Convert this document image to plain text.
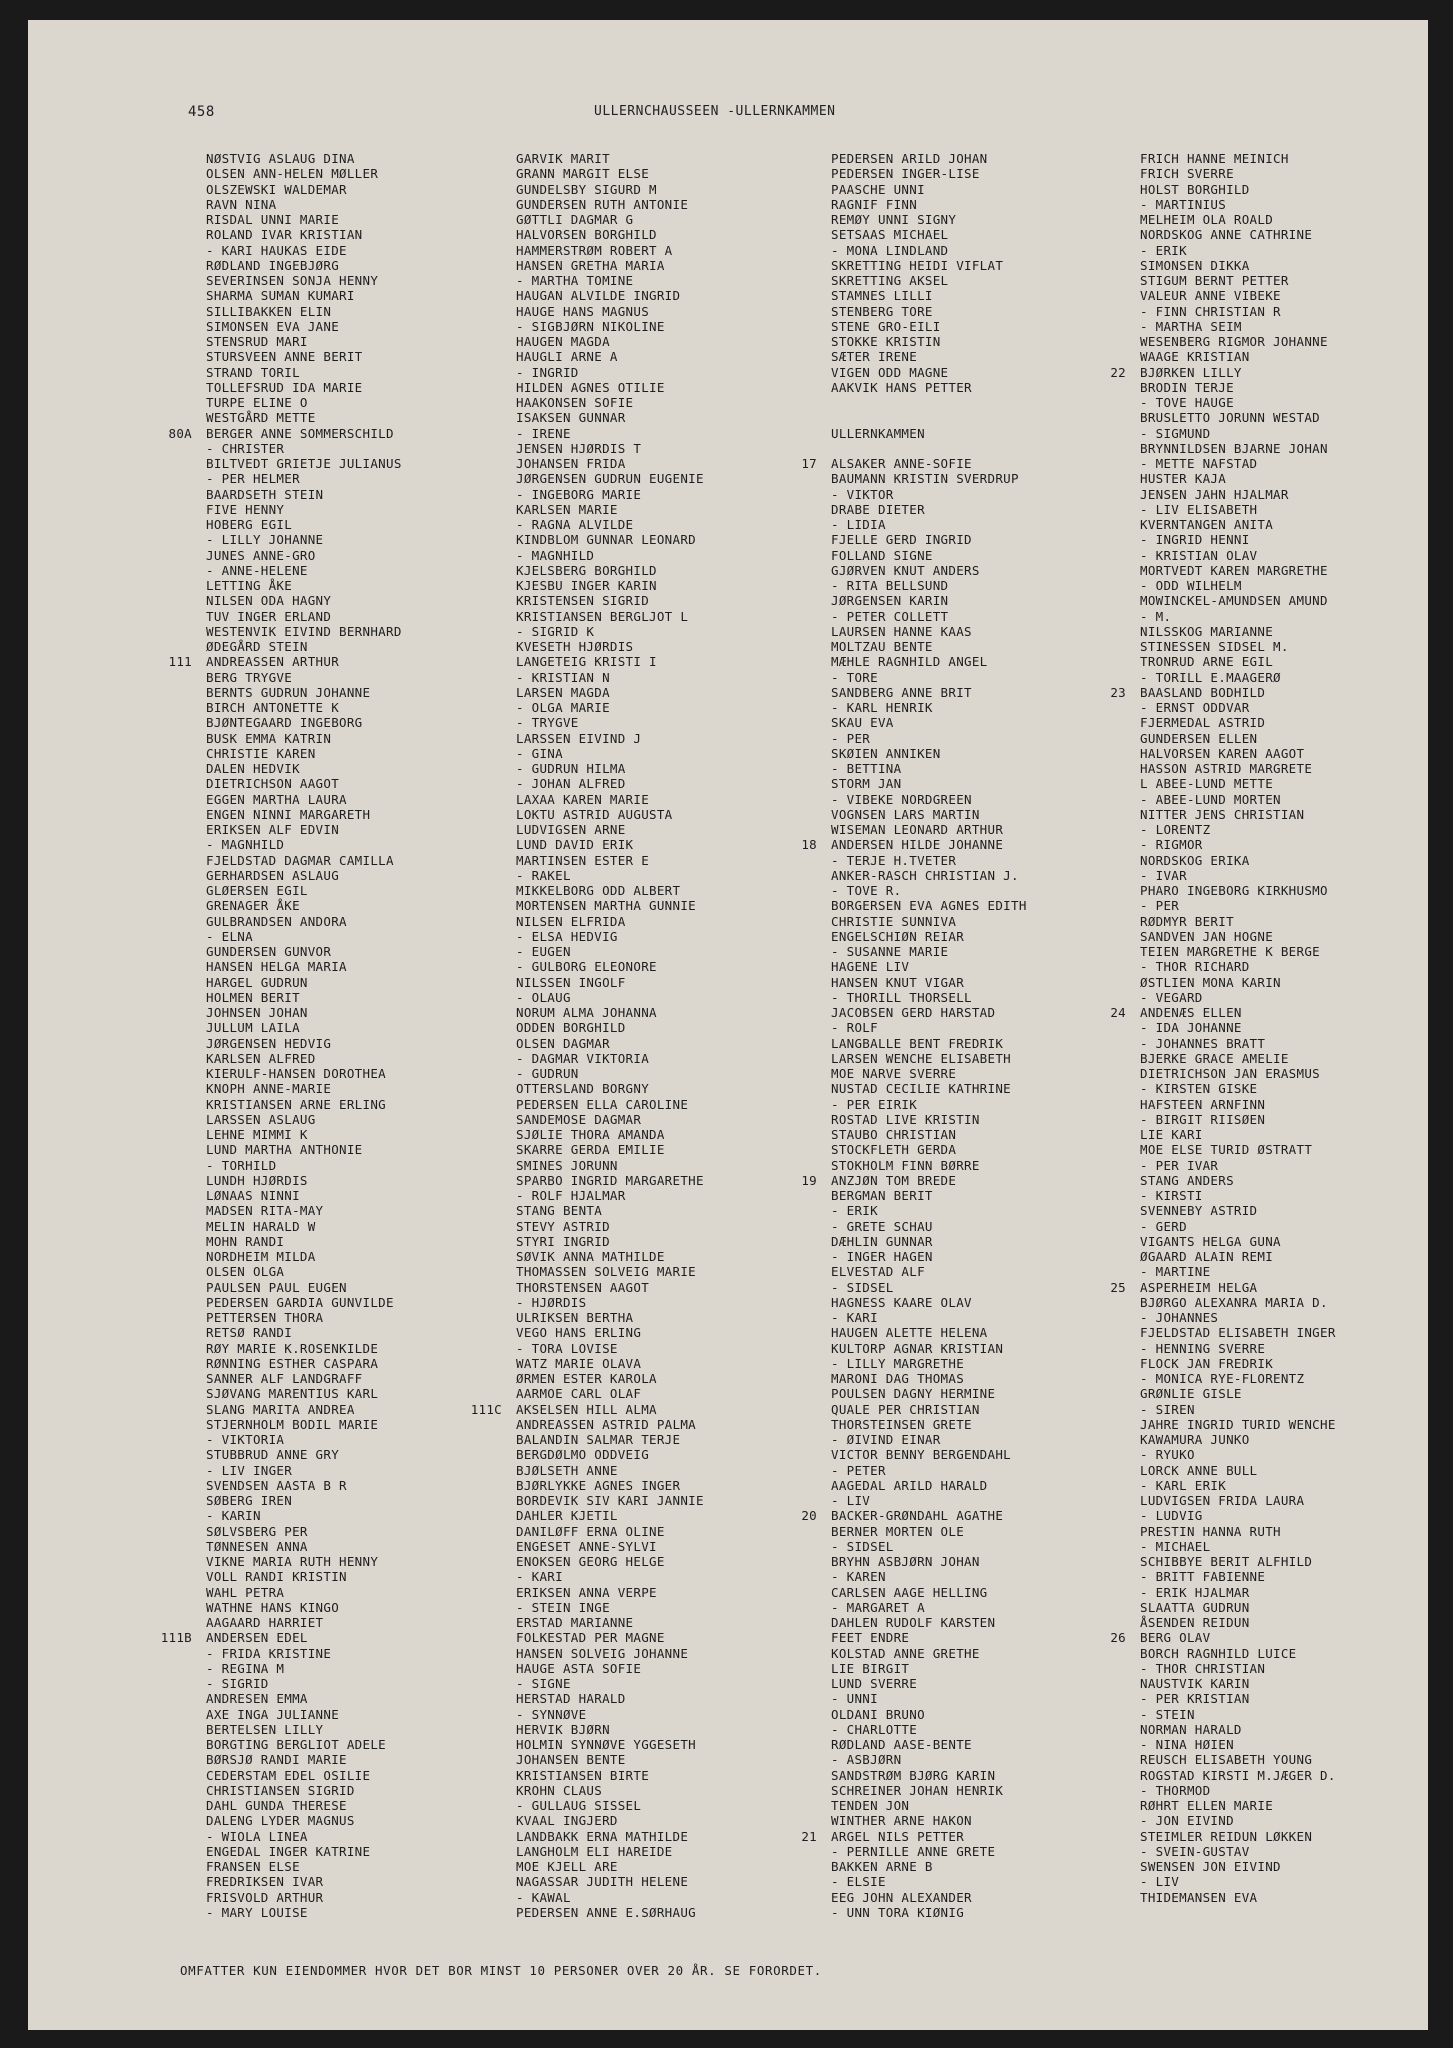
458	ULLERNCHAUSSEEN -ULLERNKAMMEN
NØSTVIG ASLAUG DINA
OLSEN ANN-HELEN MØLLER
OLSZEWSKI WALDEMAR
RAVN NINA
RISDAL UNNI MARIE
ROLAND IVAR KRISTIAN
- KARI HAUKAS EIDE
RØDLAND INGEBJØRG
SEVERINSEN SONJA HENNY
SHARMA SUMAN KUMARI
SILLIBAKKEN ELIN
SIMONSEN EVA JANE
STENSRUD MARI
STURSVEEN ANNE BERIT
STRAND TORIL
TOLLEFSRUD IDA MARIE
TURPE ELINE O
WESTGÅRD METTE
80A BERGER ANNE SOMMERSCHILD
- CHRISTER
BILTVEDT GRIETJE JULIANUS
- PER HELMER
BAARDSETH STEIN
FIVE HENNY
HOBERG EGIL
- LILLY JOHANNE
JUNES ANNE-GRO
- ANNE-HELENE
LETTING ÅKE
NILSEN ODA HAGNY
TUV INGER ERLAND
WESTENVIK EIVIND BERNHARD
ØDEGÅRD STEIN
111 ANDREASSEN ARTHUR
BERG TRYGVE
BERNTS GUDRUN JOHANNE
BIRCH ANTONETTE K
BJØNTEGAARD INGEBORG
BUSK EMMA KATRIN
CHRISTIE KAREN
DALEN HEDVIK
DIETRICHSON AAGOT
EGGEN MARTHA LAURA
ENGEN NINNI MARGARETH
ERIKSEN ALF EDVIN
- MAGNHILD
FJELDSTAD DAGMAR CAMILLA
GERHARDSEN ASLAUG
GLØERSEN EGIL
GRENAGER ÅKE
GULBRANDSEN ANDORA
- ELNA
GUNDERSEN GUNVOR
HANSEN HELGA MARIA
HARGEL GUDRUN
HOLMEN BERIT
JOHNSEN JOHAN
JULLUM LAILA
JØRGENSEN HEDVIG
KARLSEN ALFRED
KIERULF-HANSEN DOROTHEA
KNOPH ANNE-MARIE
KRISTIANSEN ARNE ERLING
LARSSEN ASLAUG
LEHNE MIMMI K
LUND MARTHA ANTHONIE
- TORHILD
LUNDH HJØRDIS
LØNAAS NINNI
MADSEN RITA-MAY
MELIN HARALD W
MOHN RANDI
NORDHEIM MILDA
OLSEN OLGA
PAULSEN PAUL EUGEN
PEDERSEN GARDIA GUNVILDE
PETTERSEN THORA
RETSØ RANDI
RØY MARIE K.ROSENKILDE
RØNNING ESTHER CASPARA
SANNER ALF LANDGRAFF
SJØVANG MARENTIUS KARL
SLANG MARITA ANDREA
STJERNHOLM BODIL MARIE
- VIKTORIA
STUBBRUD ANNE GRY
- LIV INGER
SVENDSEN AASTA B R
SØBERG IREN
- KARIN
SØLVSBERG PER
TØNNESEN ANNA
VIKNE MARIA RUTH HENNY
VOLL RANDI KRISTIN
WAHL PETRA
WATHNE HANS KINGO
AAGAARD HARRIET
111B ANDERSEN EDEL
- FRIDA KRISTINE
- REGINA M
- SIGRID
ANDRESEN EMMA
AXE INGA JULIANNE
BERTELSEN LILLY
BORGTING BERGLIOT ADELE
BØRSJØ RANDI MARIE
CEDERSTAM EDEL OSILIE
CHRISTIANSEN SIGRID
DAHL GUNDA THERESE
DALENG LYDER MAGNUS
- WIOLA LINEA
ENGEDAL INGER KATRINE
FRANSEN ELSE
FREDRIKSEN IVAR
FRISVOLD ARTHUR
- MARY LOUISE
GARVIK MARIT
GRANN MARGIT ELSE
GUNDELSBY SIGURD M
GUNDERSEN RUTH ANTONIE
GØTTLI DAGMAR G
HALVORSEN BORGHILD
HAMMERSTRØM ROBERT A
HANSEN GRETHA MARIA
- MARTHA TOMINE
HAUGAN ALVILDE INGRID
HAUGE HANS MAGNUS
- SIGBJØRN NIKOLINE
HAUGEN MAGDA
HAUGLI ARNE A
- INGRID
HILDEN AGNES OTILIE
HAAKONSEN SOFIE
ISAKSEN GUNNAR
- IRENE
JENSEN HJØRDIS T
JOHANSEN FRIDA
JØRGENSEN GUDRUN EUGENIE
- INGEBORG MARIE
KARLSEN MARIE
- RAGNA ALVILDE
KINDBLOM GUNNAR LEONARD
- MAGNHILD
KJELSBERG BORGHILD
KJESBU INGER KARIN
KRISTENSEN SIGRID
KRISTIANSEN BERGLJOT L
- SIGRID K
KVESETH HJØRDIS
LANGETEIG KRISTI I
- KRISTIAN N
LARSEN MAGDA
- OLGA MARIE
- TRYGVE
LARSSEN EIVIND J
- GINA
- GUDRUN HILMA
- JOHAN ALFRED
LAXAA KAREN MARIE
LOKTU ASTRID AUGUSTA
LUDVIGSEN ARNE
LUND DAVID ERIK
MARTINSEN ESTER E
- RAKEL
MIKKELBORG ODD ALBERT
MORTENSEN MARTHA GUNNIE
NILSEN ELFRIDA
- ELSA HEDVIG
- EUGEN
- GULBORG ELEONORE
NILSSEN INGOLF
- OLAUG
NORUM ALMA JOHANNA
ODDEN BORGHILD
OLSEN DAGMAR
- DAGMAR VIKTORIA
- GUDRUN
OTTERSLAND BORGNY
PEDERSEN ELLA CAROLINE
SANDEMOSE DAGMAR
SJØLIE THORA AMANDA
SKARRE GERDA EMILIE
SMINES JORUNN
SPARBO INGRID MARGARETHE
- ROLF HJALMAR
STANG BENTA
STEVY ASTRID
STYRI INGRID
SØVIK ANNA MATHILDE
THOMASSEN SOLVEIG MARIE
THORSTENSEN AAGOT
- HJØRDIS
ULRIKSEN BERTHA
VEGO HANS ERLING
- TORA LOVISE
WATZ MARIE OLAVA
ØRMEN ESTER KAROLA
AARMOE CARL OLAF
111C AKSELSEN HILL ALMA
ANDREASSEN ASTRID PALMA
BALANDIN SALMAR TERJE
BERGDØLMO ODDVEIG
BJØLSETH ANNE
BJØRLYKKE AGNES INGER
BORDEVIK SIV KARI JANNIE
DAHLER KJETIL
DANILØFF ERNA OLINE
ENGESET ANNE-SYLVI
ENOKSEN GEORG HELGE
- KARI
ERIKSEN ANNA VERPE
- STEIN INGE
ERSTAD MARIANNE
FOLKESTAD PER MAGNE
HANSEN SOLVEIG JOHANNE
HAUGE ASTA SOFIE
- SIGNE
HERSTAD HARALD
- SYNNØVE
HERVIK BJØRN
HOLMIN SYNNØVE YGGESETH
JOHANSEN BENTE
KRISTIANSEN BIRTE
KROHN CLAUS
- GULLAUG SISSEL
KVAAL INGJERD
LANDBAKK ERNA MATHILDE
LANGHOLM ELI HAREIDE
MOE KJELL ARE
NAGASSAR JUDITH HELENE
- KAWAL
PEDERSEN ANNE E.SØRHAUG
PEDERSEN ARILD JOHAN
PEDERSEN INGER-LISE
PAASCHE UNNI
RAGNIF FINN
REMØY UNNI SIGNY
SETSAAS MICHAEL
- MONA LINDLAND
SKRETTING HEIDI VIFLAT
SKRETTING AKSEL
STAMNES LILLI
STENBERG TORE
STENE GRO-EILI
STOKKE KRISTIN
SÆTER IRENE
VIGEN ODD MAGNE
AAKVIK HANS PETTER
ULLERNKAMMEN
17 ALSAKER ANNE-SOFIE
BAUMANN KRISTIN SVERDRUP
- VIKTOR
DRABE DIETER
- LIDIA
FJELLE GERD INGRID
FOLLAND SIGNE
GJØRVEN KNUT ANDERS
- RITA BELLSUND
JØRGENSEN KARIN
- PETER COLLETT
LAURSEN HANNE KAAS
MOLTZAU BENTE
MÆHLE RAGNHILD ANGEL
- TORE
SANDBERG ANNE BRIT
- KARL HENRIK
SKAU EVA
- PER
SKØIEN ANNIKEN
- BETTINA
STORM JAN
- VIBEKE NORDGREEN
VOGNSEN LARS MARTIN
WISEMAN LEONARD ARTHUR
18 ANDERSEN HILDE JOHANNE
- TERJE H.TVETER
ANKER-RASCH CHRISTIAN J.
- TOVE R.
BORGERSEN EVA AGNES EDITH
CHRISTIE SUNNIVA
ENGELSCHIØN REIAR
- SUSANNE MARIE
HAGENE LIV
HANSEN KNUT VIGAR
- THORILL THORSELL
JACOBSEN GERD HARSTAD
- ROLF
LANGBALLE BENT FREDRIK
LARSEN WENCHE ELISABETH
MOE NARVE SVERRE
NUSTAD CECILIE KATHRINE
- PER EIRIK
ROSTAD LIVE KRISTIN
STAUBO CHRISTIAN
STOCKFLETH GERDA
STOKHOLM FINN BØRRE
19 ANZJØN TOM BREDE
BERGMAN BERIT
- ERIK
- GRETE SCHAU
DÆHLIN GUNNAR
- INGER HAGEN
ELVESTAD ALF
- SIDSEL
HAGNESS KAARE OLAV
- KARI
HAUGEN ALETTE HELENA
KULTORP AGNAR KRISTIAN
- LILLY MARGRETHE
MARONI DAG THOMAS
POULSEN DAGNY HERMINE
QUALE PER CHRISTIAN
THORSTEINSEN GRETE
- ØIVIND EINAR
VICTOR BENNY BERGENDAHL
- PETER
AAGEDAL ARILD HARALD
- LIV
20 BACKER-GRØNDAHL AGATHE
BERNER MORTEN OLE
- SIDSEL
BRYHN ASBJØRN JOHAN
- KAREN
CARLSEN AAGE HELLING
- MARGARET A
DAHLEN RUDOLF KARSTEN
FEET ENDRE
KOLSTAD ANNE GRETHE
LIE BIRGIT
LUND SVERRE
- UNNI
OLDANI BRUNO
- CHARLOTTE
RØDLAND AASE-BENTE
- ASBJØRN
SANDSTRØM BJØRG KARIN
SCHREINER JOHAN HENRIK
TENDEN JON
WINTHER ARNE HAKON
21 ARGEL NILS PETTER
- PERNILLE ANNE GRETE
BAKKEN ARNE B
- ELSIE
EEG JOHN ALEXANDER
- UNN TORA KIØNIG
FRICH HANNE MEINICH
FRICH SVERRE
HOLST BORGHILD
- MARTINIUS
MELHEIM OLA ROALD
NORDSKOG ANNE CATHRINE
- ERIK
SIMONSEN DIKKA
STIGUM BERNT PETTER
VALEUR ANNE VIBEKE
- FINN CHRISTIAN R
- MARTHA SEIM
WESENBERG RIGMOR JOHANNE
WAAGE KRISTIAN
22 BJØRKEN LILLY
BRODIN TERJE
- TOVE HAUGE
BRUSLETTO JORUNN WESTAD
- SIGMUND
BRYNNILDSEN BJARNE JOHAN
- METTE NAFSTAD
HUSTER KAJA
JENSEN JAHN HJALMAR
- LIV ELISABETH
KVERNTANGEN ANITA
- INGRID HENNI
- KRISTIAN OLAV
MORTVEDT KAREN MARGRETHE
- ODD WILHELM
MOWINCKEL-AMUNDSEN AMUND
- M.
NILSSKOG MARIANNE
STINESSEN SIDSEL M.
TRONRUD ARNE EGIL
- TORILL E.MAAGERØ
23 BAASLAND BODHILD
- ERNST ODDVAR
FJERMEDAL ASTRID
GUNDERSEN ELLEN
HALVORSEN KAREN AAGOT
HASSON ASTRID MARGRETE
L ABEE-LUND METTE
- ABEE-LUND MORTEN
NITTER JENS CHRISTIAN
- LORENTZ
- RIGMOR
NORDSKOG ERIKA
- IVAR
PHARO INGEBORG KIRKHUSMO
- PER
RØDMYR BERIT
SANDVEN JAN HOGNE
TEIEN MARGRETHE K BERGE
- THOR RICHARD
ØSTLIEN MONA KARIN
- VEGARD
24 ANDENÆS ELLEN
- IDA JOHANNE
- JOHANNES BRATT
BJERKE GRACE AMELIE
DIETRICHSON JAN ERASMUS
- KIRSTEN GISKE
HAFSTEEN ARNFINN
- BIRGIT RIISØEN
LIE KARI
MOE ELSE TURID ØSTRATT
- PER IVAR
STANG ANDERS
- KIRSTI
SVENNEBY ASTRID
- GERD
VIGANTS HELGA GUNA
ØGAARD ALAIN REMI
- MARTINE
25 ASPERHEIM HELGA
BJØRGO ALEXANRA MARIA D.
- JOHANNES
FJELDSTAD ELISABETH INGER
- HENNING SVERRE
FLOCK JAN FREDRIK
- MONICA RYE-FLORENTZ
GRØNLIE GISLE
- SIREN
JAHRE INGRID TURID WENCHE
KAWAMURA JUNKO
- RYUKO
LORCK ANNE BULL
- KARL ERIK
LUDVIGSEN FRIDA LAURA
- LUDVIG
PRESTIN HANNA RUTH
- MICHAEL
SCHIBBYE BERIT ALFHILD
- BRITT FABIENNE
- ERIK HJALMAR
SLAATTA GUDRUN
ÅSENDEN REIDUN
26 BERG OLAV
BORCH RAGNHILD LUICE
- THOR CHRISTIAN
NAUSTVIK KARIN
- PER KRISTIAN
- STEIN
NORMAN HARALD
- NINA HØIEN
REUSCH ELISABETH YOUNG
ROGSTAD KIRSTI M.JÆGER D.
- THORMOD
RØHRT ELLEN MARIE
- JON EIVIND
STEIMLER REIDUN LØKKEN
- SVEIN-GUSTAV
SWENSEN JON EIVIND
- LIV
THIDEMANSEN EVA
OMFATTER KUN EIENDOMMER HVOR DET BOR MINST 10 PERSONER OVER 20 ÅR. SE FORORDET.
